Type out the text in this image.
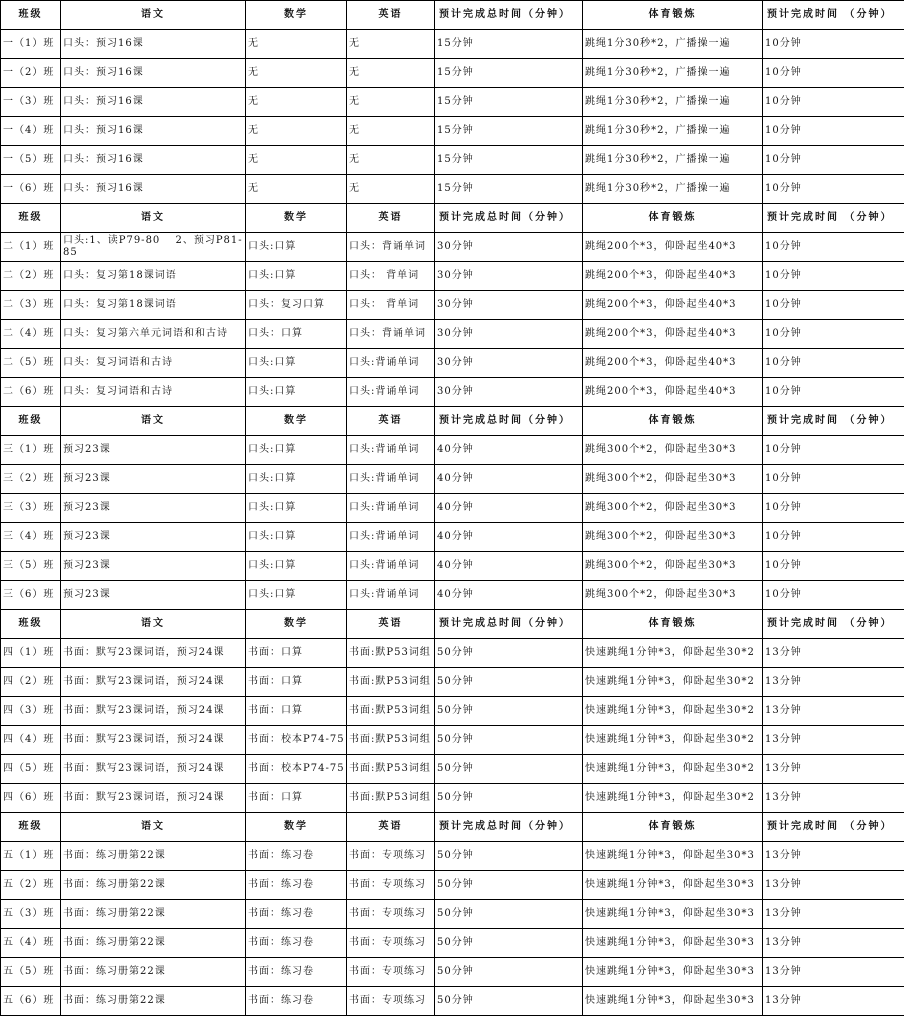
班级	语文	数学	英语	预计完成总时间（分钟）	体育锻炼	预计完成时间 （分钟）
一（1）班	口头：预习16课	无	无	15分钟	跳绳1分30秒*2，广播操一遍	10分钟
一（2）班	口头：预习16课	无	无	15分钟	跳绳1分30秒*2，广播操一遍	10分钟
一（3）班	口头：预习16课	无	无	15分钟	跳绳1分30秒*2，广播操一遍	10分钟
一（4）班	口头：预习16课	无	无	15分钟	跳绳1分30秒*2，广播操一遍	10分钟
一（5）班	口头：预习16课	无	无	15分钟	跳绳1分30秒*2，广播操一遍	10分钟
一（6）班	口头：预习16课	无	无	15分钟	跳绳1分30秒*2，广播操一遍	10分钟
班级	语文	数学	英语	预计完成总时间（分钟）	体育锻炼	预计完成时间 （分钟）
二（1）班	口头:1、读P79-80　 2、预习P81-85	口头:口算	口头：背诵单词	30分钟	跳绳200个*3，仰卧起坐40*3	10分钟
二（2）班	口头：复习第18课词语	口头:口算	口头： 背单词	30分钟	跳绳200个*3，仰卧起坐40*3	10分钟
二（3）班	口头：复习第18课词语	口头：复习口算	口头： 背单词	30分钟	跳绳200个*3，仰卧起坐40*3	10分钟
二（4）班	口头：复习第六单元词语和和古诗	口头：口算	口头：背诵单词	30分钟	跳绳200个*3，仰卧起坐40*3	10分钟
二（5）班	口头：复习词语和古诗	口头:口算	口头:背诵单词	30分钟	跳绳200个*3，仰卧起坐40*3	10分钟
二（6）班	口头：复习词语和古诗	口头:口算	口头:背诵单词	30分钟	跳绳200个*3，仰卧起坐40*3	10分钟
班级	语文	数学	英语	预计完成总时间（分钟）	体育锻炼	预计完成时间 （分钟）
三（1）班	预习23课	口头:口算	口头:背诵单词	40分钟	跳绳300个*2，仰卧起坐30*3	10分钟
三（2）班	预习23课	口头:口算	口头:背诵单词	40分钟	跳绳300个*2，仰卧起坐30*3	10分钟
三（3）班	预习23课	口头:口算	口头:背诵单词	40分钟	跳绳300个*2，仰卧起坐30*3	10分钟
三（4）班	预习23课	口头:口算	口头:背诵单词	40分钟	跳绳300个*2，仰卧起坐30*3	10分钟
三（5）班	预习23课	口头:口算	口头:背诵单词	40分钟	跳绳300个*2，仰卧起坐30*3	10分钟
三（6）班	预习23课	口头:口算	口头:背诵单词	40分钟	跳绳300个*2，仰卧起坐30*3	10分钟
班级	语文	数学	英语	预计完成总时间（分钟）	体育锻炼	预计完成时间 （分钟）
四（1）班	书面：默写23课词语，预习24课	书面：口算	书面:默P53词组	50分钟	快速跳绳1分钟*3，仰卧起坐30*2	13分钟
四（2）班	书面：默写23课词语，预习24课	书面：口算	书面:默P53词组	50分钟	快速跳绳1分钟*3，仰卧起坐30*2	13分钟
四（3）班	书面：默写23课词语，预习24课	书面：口算	书面:默P53词组	50分钟	快速跳绳1分钟*3，仰卧起坐30*2	13分钟
四（4）班	书面：默写23课词语，预习24课	书面：校本P74-75	书面:默P53词组	50分钟	快速跳绳1分钟*3，仰卧起坐30*2	13分钟
四（5）班	书面：默写23课词语，预习24课	书面：校本P74-75	书面:默P53词组	50分钟	快速跳绳1分钟*3，仰卧起坐30*2	13分钟
四（6）班	书面：默写23课词语，预习24课	书面：口算	书面:默P53词组	50分钟	快速跳绳1分钟*3，仰卧起坐30*2	13分钟
班级	语文	数学	英语	预计完成总时间（分钟）	体育锻炼	预计完成时间 （分钟）
五（1）班	书面：练习册第22课	书面：练习卷	书面：专项练习	50分钟	快速跳绳1分钟*3，仰卧起坐30*3	13分钟
五（2）班	书面：练习册第22课	书面：练习卷	书面：专项练习	50分钟	快速跳绳1分钟*3，仰卧起坐30*3	13分钟
五（3）班	书面：练习册第22课	书面：练习卷	书面：专项练习	50分钟	快速跳绳1分钟*3，仰卧起坐30*3	13分钟
五（4）班	书面：练习册第22课	书面：练习卷	书面：专项练习	50分钟	快速跳绳1分钟*3，仰卧起坐30*3	13分钟
五（5）班	书面：练习册第22课	书面：练习卷	书面：专项练习	50分钟	快速跳绳1分钟*3，仰卧起坐30*3	13分钟
五（6）班	书面：练习册第22课	书面：练习卷	书面：专项练习	50分钟	快速跳绳1分钟*3，仰卧起坐30*3	13分钟
